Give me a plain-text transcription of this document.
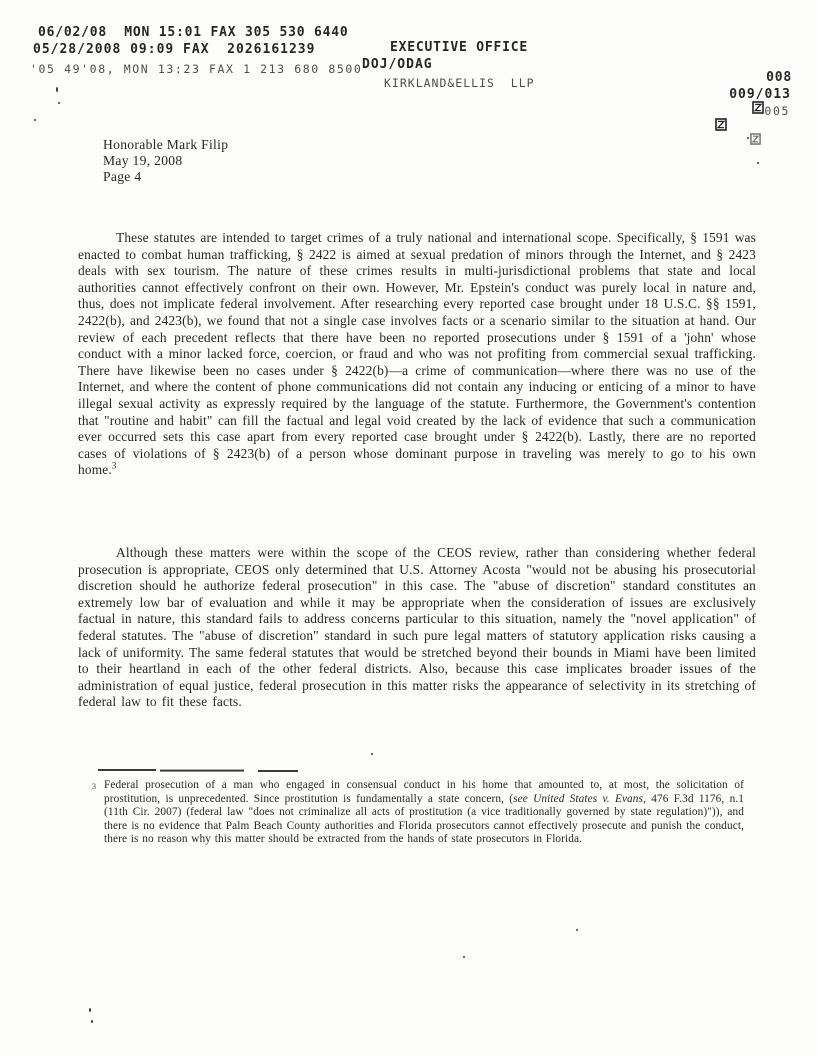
06/02/08  MON 15:01 FAX 305 530 6440

EXECUTIVE OFFICE

008

05/28/2008 09:09 FAX  2026161239

DOJ/ODAG

009/013

'05 49'08, MON 13:23 FAX 1 213 680 8500

KIRKLAND&ELLIS  LLP

005

Honorable Mark Filip
May 19, 2008
Page 4
These statutes are intended to target crimes of a truly national and international scope. Specifically, § 1591 was enacted to combat human trafficking, § 2422 is aimed at sexual predation of minors through the Internet, and § 2423 deals with sex tourism. The nature of these crimes results in multi-jurisdictional problems that state and local authorities cannot effectively confront on their own. However, Mr. Epstein's conduct was purely local in nature and, thus, does not implicate federal involvement. After researching every reported case brought under 18 U.S.C. §§ 1591, 2422(b), and 2423(b), we found that not a single case involves facts or a scenario similar to the situation at hand. Our review of each precedent reflects that there have been no reported prosecutions under § 1591 of a 'john' whose conduct with a minor lacked force, coercion, or fraud and who was not profiting from commercial sexual trafficking. There have likewise been no cases under § 2422(b)—a crime of communication—where there was no use of the Internet, and where the content of phone communications did not contain any inducing or enticing of a minor to have illegal sexual activity as expressly required by the language of the statute. Furthermore, the Government's contention that "routine and habit" can fill the factual and legal void created by the lack of evidence that such a communication ever occurred sets this case apart from every reported case brought under § 2422(b). Lastly, there are no reported cases of violations of § 2423(b) of a person whose dominant purpose in traveling was merely to go to his own home.$^3$
Although these matters were within the scope of the CEOS review, rather than considering whether federal prosecution is appropriate, CEOS only determined that U.S. Attorney Acosta "would not be abusing his prosecutorial discretion should he authorize federal prosecution" in this case. The "abuse of discretion" standard constitutes an extremely low bar of evaluation and while it may be appropriate when the consideration of issues are exclusively factual in nature, this standard fails to address concerns particular to this situation, namely the "novel application" of federal statutes. The "abuse of discretion" standard in such pure legal matters of statutory application risks causing a lack of uniformity. The same federal statutes that would be stretched beyond their bounds in Miami have been limited to their heartland in each of the other federal districts. Also, because this case implicates broader issues of the administration of equal justice, federal prosecution in this matter risks the appearance of selectivity in its stretching of federal law to fit these facts.
3 Federal prosecution of a man who engaged in consensual conduct in his home that amounted to, at most, the solicitation of prostitution, is unprecedented. Since prostitution is fundamentally a state concern, (see United States v. Evans, 476 F.3d 1176, n.1 (11th Cir. 2007) (federal law "does not criminalize all acts of prostitution (a vice traditionally governed by state regulation)")), and there is no evidence that Palm Beach County authorities and Florida prosecutors cannot effectively prosecute and punish the conduct, there is no reason why this matter should be extracted from the hands of state prosecutors in Florida.
